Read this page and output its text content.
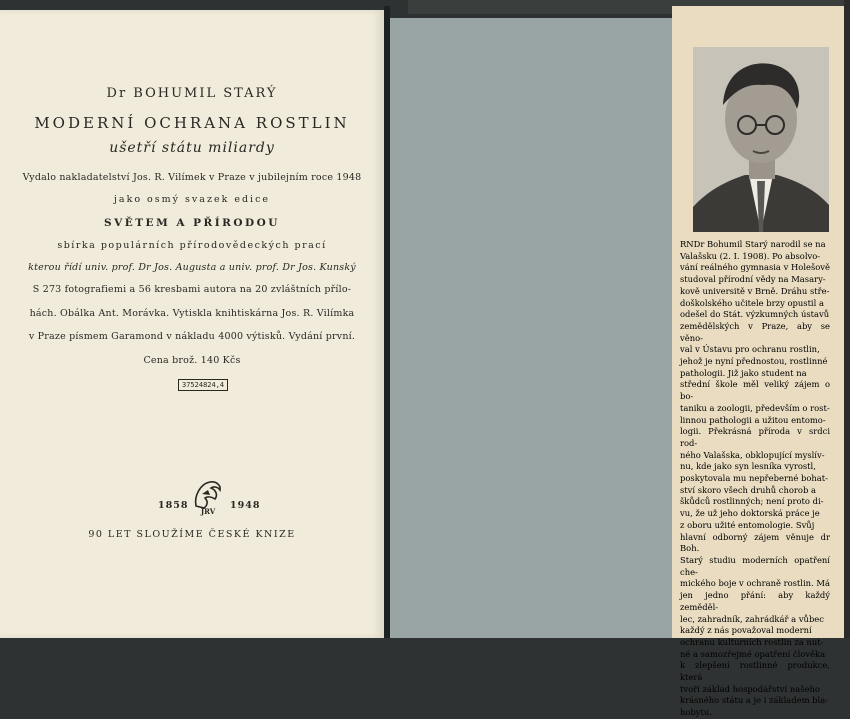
Dr BOHUMIL STARÝ
MODERNÍ OCHRANA ROSTLIN
ušetří státu miliardy
Vydalo nakladatelství Jos. R. Vilímek v Praze v jubilejním roce 1948
jako osmý svazek edice
SVĚTEM A PŘÍRODOU
sbírka populárních přírodovědeckých prací
kterou řídí univ. prof. Dr Jos. Augusta a univ. prof. Dr Jos. Kunský
S 273 fotografiemi a 56 kresbami autora na 20 zvláštních přílo-
hách. Obálka Ant. Morávka. Vytiskla knihtiskárna Jos. R. Vilímka
v Praze písmem Garamond v nákladu 4000 výtisků. Vydání první.
Cena brož. 140 Kčs
37524824,4
JRV
1858	1948
90 LET SLOUŽÍME ČESKÉ KNIZE

RNDr Bohumil Starý narodil se na

Valašsku (2. I. 1908). Po absolvo-

vání reálného gymnasia v Holešově

studoval přírodní vědy na Masary-

kově universitě v Brně. Dráhu stře-

doškolského učitele brzy opustil a

odešel do Stát. výzkumných ústavů

zemědělských v Praze, aby se věno-

val v Ústavu pro ochranu rostlin,

jehož je nyní přednostou, rostlinné

pathologii. Již jako student na

střední škole měl veliký zájem o bo-

taniku a zoologii, především o rost-

linnou pathologii a užitou entomo-

logii. Překrásná příroda v srdci rod-

ného Valašska, obklopující myslív-

nu, kde jako syn lesníka vyrostl,

poskytovala mu nepřeberné bohat-

ství skoro všech druhů chorob a

škůdců rostlinných; není proto di-

vu, že už jeho doktorská práce je

z oboru užité entomologie. Svůj

hlavní odborný zájem věnuje dr Boh.

Starý studiu moderních opatření che-

mického boje v ochraně rostlin. Má

jen jedno přání: aby každý zeměděl-

lec, zahradník, zahrádkář a vůbec

každý z nás považoval moderní

ochranu kulturních rostlin za nut-

né a samozřejmé opatření člověka

k zlepšení rostlinné produkce, která

tvoří základ hospodářství našeho

krásného státu a je i základem bla-

hobytu.
